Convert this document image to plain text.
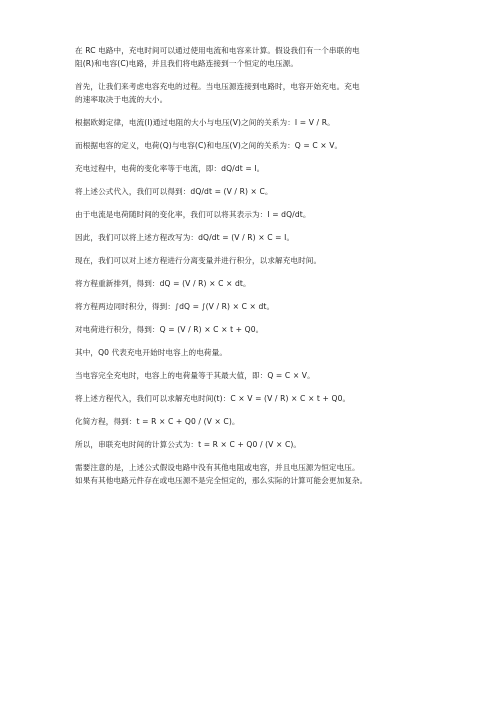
在 RC 电路中，充电时间可以通过使用电流和电容来计算。假设我们有一个串联的电
阻(R)和电容(C)电路，并且我们将电路连接到一个恒定的电压源。

首先，让我们来考虑电容充电的过程。当电压源连接到电路时，电容开始充电。充电
的速率取决于电流的大小。

根据欧姆定律，电流(I)通过电阻的大小与电压(V)之间的关系为：I = V / R。

而根据电容的定义，电荷(Q)与电容(C)和电压(V)之间的关系为：Q = C × V。

充电过程中，电荷的变化率等于电流，即：dQ/dt = I。

将上述公式代入，我们可以得到：dQ/dt = (V / R) × C。

由于电流是电荷随时间的变化率，我们可以将其表示为：I = dQ/dt。

因此，我们可以将上述方程改写为：dQ/dt = (V / R) × C = I。

现在，我们可以对上述方程进行分离变量并进行积分，以求解充电时间。

将方程重新排列，得到：dQ = (V / R) × C × dt。

将方程两边同时积分，得到：∫dQ = ∫(V / R) × C × dt。

对电荷进行积分，得到：Q = (V / R) × C × t + Q0。

其中，Q0 代表充电开始时电容上的电荷量。

当电容完全充电时，电容上的电荷量等于其最大值，即：Q = C × V。

将上述方程代入，我们可以求解充电时间(t)：C × V = (V / R) × C × t + Q0。

化简方程，得到：t = R × C + Q0 / (V × C)。

所以，串联充电时间的计算公式为：t = R × C + Q0 / (V × C)。

需要注意的是，上述公式假设电路中没有其他电阻或电容，并且电压源为恒定电压。
如果有其他电路元件存在或电压源不是完全恒定的，那么实际的计算可能会更加复杂。
